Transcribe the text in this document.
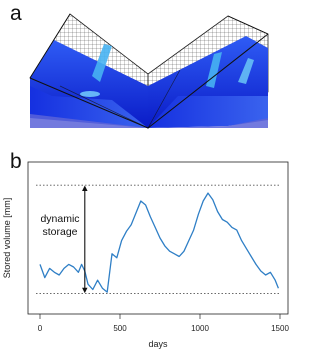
a
b
dynamic
storage
0	500	1000	1500
days
Stored volume [mm]
